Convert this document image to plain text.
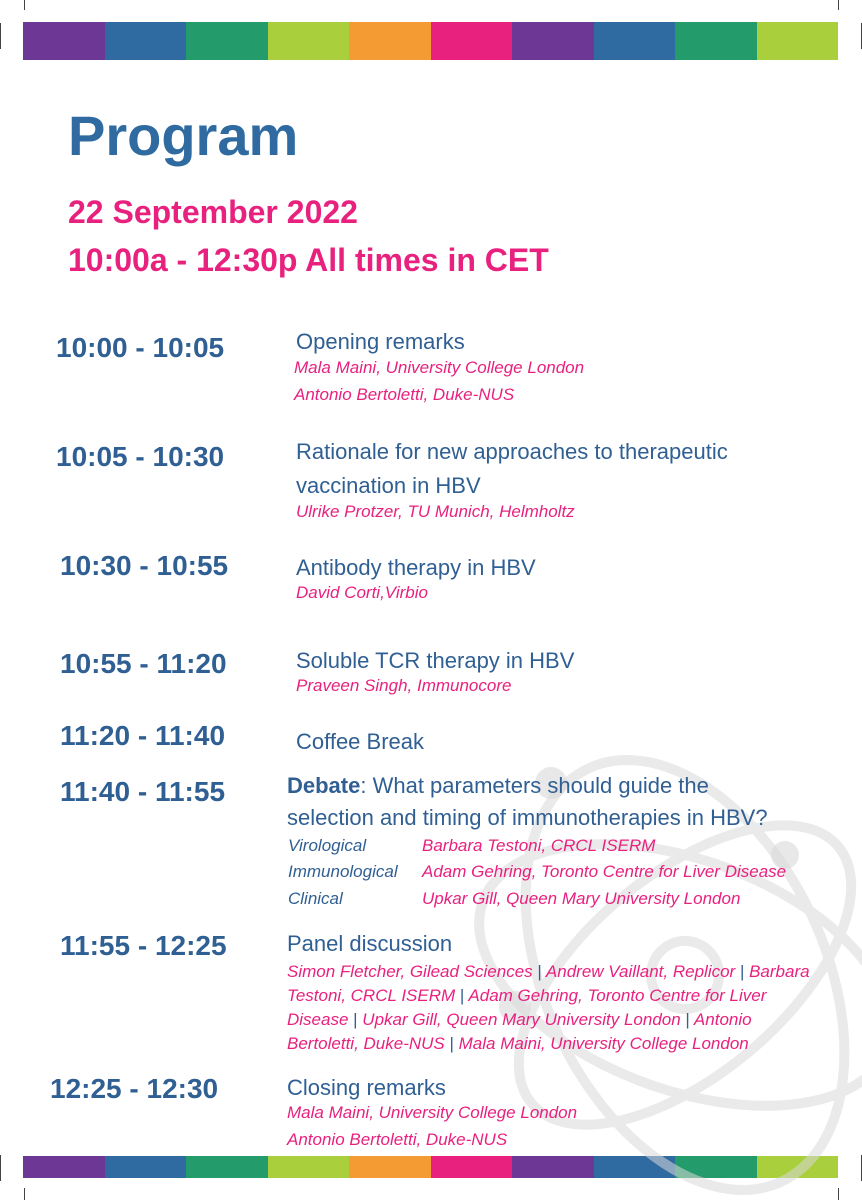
Program
22 September 2022
10:00a - 12:30p All times in CET
10:00 - 10:05	Opening remarks
Mala Maini, University College London
Antonio Bertoletti, Duke-NUS
10:05 - 10:30	Rationale for new approaches to therapeutic
vaccination in HBV
Ulrike Protzer, TU Munich, Helmholtz
10:30 - 10:55	Antibody therapy in HBV
David Corti,Virbio
10:55 - 11:20	Soluble TCR therapy in HBV
Praveen Singh, Immunocore
11:20 - 11:40	Coffee Break
11:40 - 11:55	Debate: What parameters should guide the
selection and timing of immunotherapies in HBV?
Virological	Barbara Testoni, CRCL ISERM
Immunological Adam Gehring, Toronto Centre for Liver Disease
Clinical	Upkar Gill, Queen Mary University London
11:55 - 12:25	Panel discussion
Simon Fletcher, Gilead Sciences | Andrew Vaillant, Replicor | Barbara
Testoni, CRCL ISERM | Adam Gehring, Toronto Centre for Liver
Disease | Upkar Gill, Queen Mary University London | Antonio
Bertoletti, Duke-NUS | Mala Maini, University College London
12:25 - 12:30	Closing remarks
Mala Maini, University College London
Antonio Bertoletti, Duke-NUS
